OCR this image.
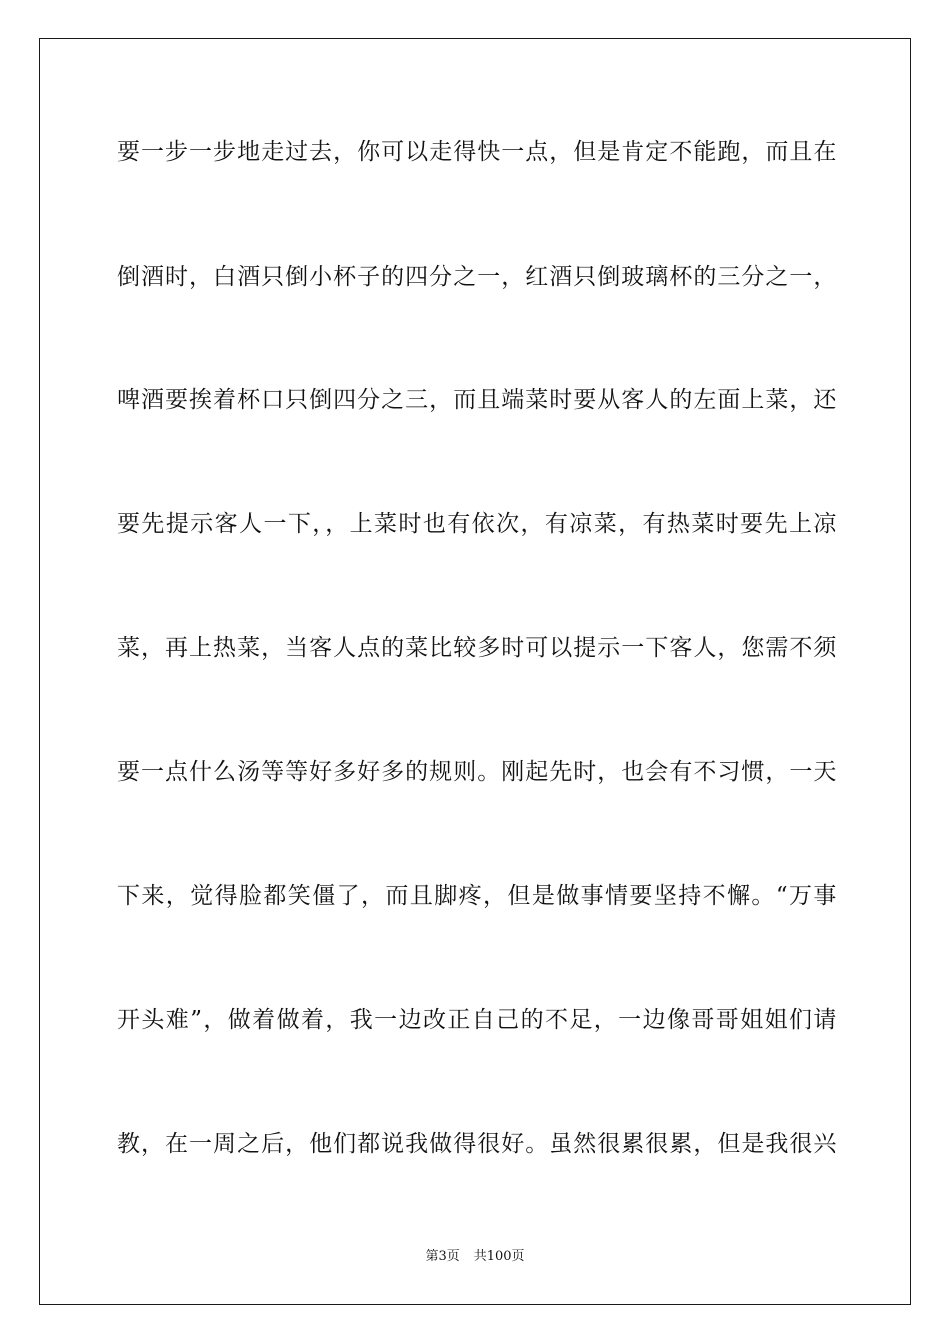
要一步一步地走过去，你可以走得快一点，但是肯定不能跑，而且在
倒酒时，白酒只倒小杯子的四分之一，红酒只倒玻璃杯的三分之一，
啤酒要挨着杯口只倒四分之三，而且端菜时要从客人的左面上菜，还
要先提示客人一下，，上菜时也有依次，有凉菜，有热菜时要先上凉
菜，再上热菜，当客人点的菜比较多时可以提示一下客人，您需不须
要一点什么汤等等好多好多的规则。刚起先时，也会有不习惯，一天
下来，觉得脸都笑僵了，而且脚疼，但是做事情要坚持不懈。“万事
开头难”，做着做着，我一边改正自己的不足，一边像哥哥姐姐们请
教，在一周之后，他们都说我做得很好。虽然很累很累，但是我很兴
第3页 共100页
